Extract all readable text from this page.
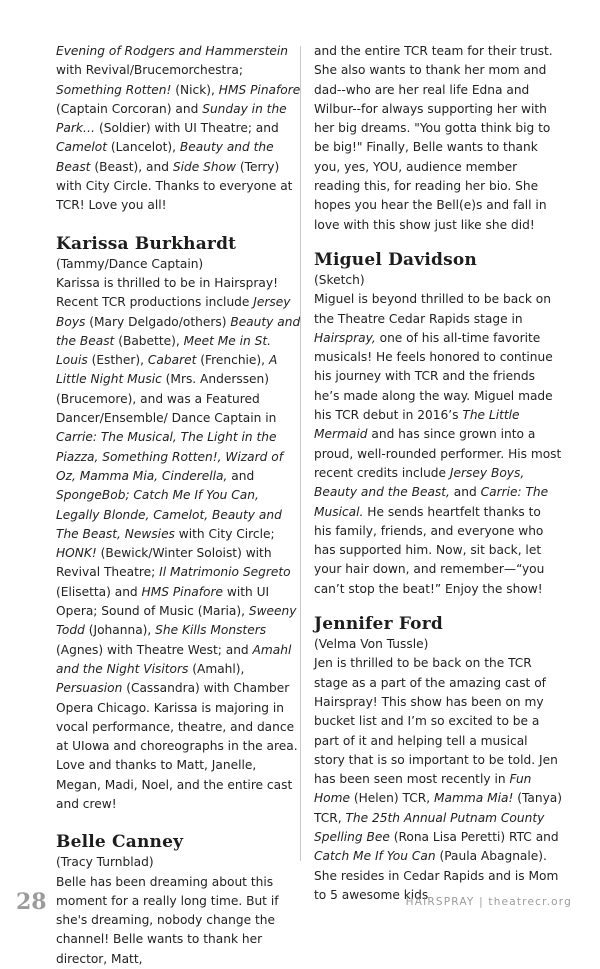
Evening of Rodgers and Hammerstein with Revival/Brucemorchestra; Something Rotten! (Nick), HMS Pinafore (Captain Corcoran) and Sunday in the Park… (Soldier) with UI Theatre; and Camelot (Lancelot), Beauty and the Beast (Beast), and Side Show (Terry) with City Circle. Thanks to everyone at TCR! Love you all!

Karissa Burkhardt

(Tammy/Dance Captain)

Karissa is thrilled to be in Hairspray! Recent TCR productions include Jersey Boys (Mary Delgado/others) Beauty and the Beast (Babette), Meet Me in St. Louis (Esther), Cabaret (Frenchie), A Little Night Music (Mrs. Anderssen) (Brucemore), and was a Featured Dancer/Ensemble/ Dance Captain in Carrie: The Musical, The Light in the Piazza, Something Rotten!, Wizard of Oz, Mamma Mia, Cinderella, and SpongeBob; Catch Me If You Can, Legally Blonde, Camelot, Beauty and The Beast, Newsies with City Circle; HONK! (Bewick/Winter Soloist) with Revival Theatre; Il Matrimonio Segreto (Elisetta) and HMS Pinafore with UI Opera; Sound of Music (Maria), Sweeny Todd (Johanna), She Kills Monsters (Agnes) with Theatre West; and Amahl and the Night Visitors (Amahl), Persuasion (Cassandra) with Chamber Opera Chicago. Karissa is majoring in vocal performance, theatre, and dance at UIowa and choreographs in the area. Love and thanks to Matt, Janelle, Megan, Madi, Noel, and the entire cast and crew!

Belle Canney

(Tracy Turnblad)

Belle has been dreaming about this moment for a really long time. But if she's dreaming, nobody change the channel! Belle wants to thank her director, Matt,

and the entire TCR team for their trust. She also wants to thank her mom and dad--who are her real life Edna and Wilbur--for always supporting her with her big dreams. "You gotta think big to be big!" Finally, Belle wants to thank you, yes, YOU, audience member reading this, for reading her bio. She hopes you hear the Bell(e)s and fall in love with this show just like she did!

Miguel Davidson

(Sketch)

Miguel is beyond thrilled to be back on the Theatre Cedar Rapids stage in Hairspray, one of his all-time favorite musicals! He feels honored to continue his journey with TCR and the friends he’s made along the way. Miguel made his TCR debut in 2016’s The Little Mermaid and has since grown into a proud, well-rounded performer. His most recent credits include Jersey Boys, Beauty and the Beast, and Carrie: The Musical. He sends heartfelt thanks to his family, friends, and everyone who has supported him. Now, sit back, let your hair down, and remember—“you can’t stop the beat!” Enjoy the show!

Jennifer Ford

(Velma Von Tussle)

Jen is thrilled to be back on the TCR stage as a part of the amazing cast of Hairspray! This show has been on my bucket list and I’m so excited to be a part of it and helping tell a musical story that is so important to be told. Jen has been seen most recently in Fun Home (Helen) TCR, Mamma Mia! (Tanya) TCR, The 25th Annual Putnam County Spelling Bee (Rona Lisa Peretti) RTC and Catch Me If You Can (Paula Abagnale). She resides in Cedar Rapids and is Mom to 5 awesome kids

28	HAIRSPRAY | theatrecr.org
